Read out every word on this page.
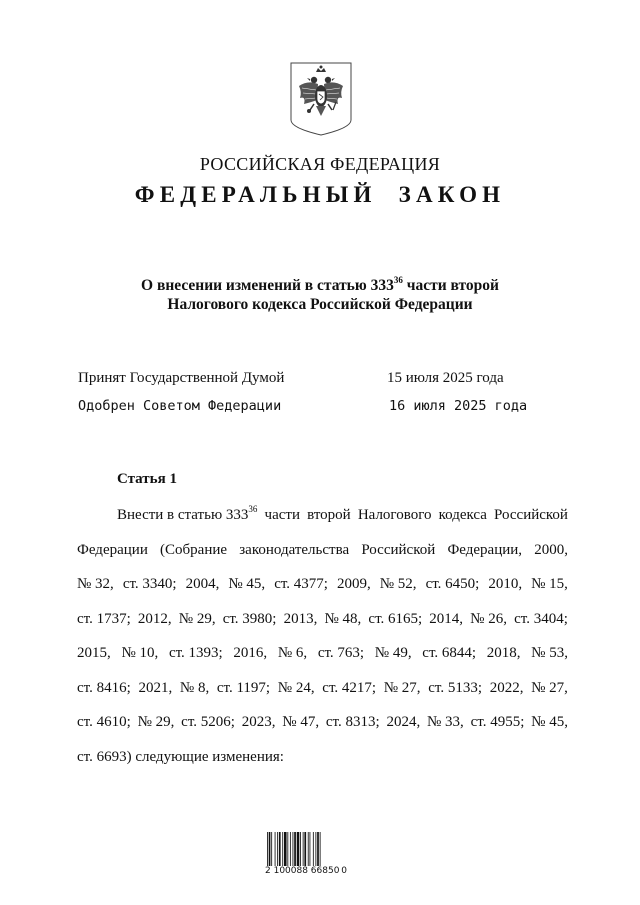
РОССИЙСКАЯ ФЕДЕРАЦИЯ
ФЕДЕРАЛЬНЫЙ ЗАКОН
О внесении изменений в статью $333^{36}$ части второй
Налогового кодекса Российской Федерации
Принят Государственной Думой	15 июля 2025 года
Одобрен Советом Федерации	16 июля 2025 года
Статья 1
Внести в статью $333^{36}$ части второй Налогового кодекса Российской
Федерации (Собрание законодательства Российской Федерации, 2000,
№ 32, ст. 3340; 2004, № 45, ст. 4377; 2009, № 52, ст. 6450; 2010, № 15,
ст. 1737; 2012, № 29, ст. 3980; 2013, № 48, ст. 6165; 2014, № 26, ст. 3404;
2015, № 10, ст. 1393; 2016, № 6, ст. 763; № 49, ст. 6844; 2018, № 53,
ст. 8416; 2021, № 8, ст. 1197; № 24, ст. 4217; № 27, ст. 5133; 2022, № 27,
ст. 4610; № 29, ст. 5206; 2023, № 47, ст. 8313; 2024, № 33, ст. 4955; № 45,
ст. 6693) следующие изменения:
2 100088 66850 0
